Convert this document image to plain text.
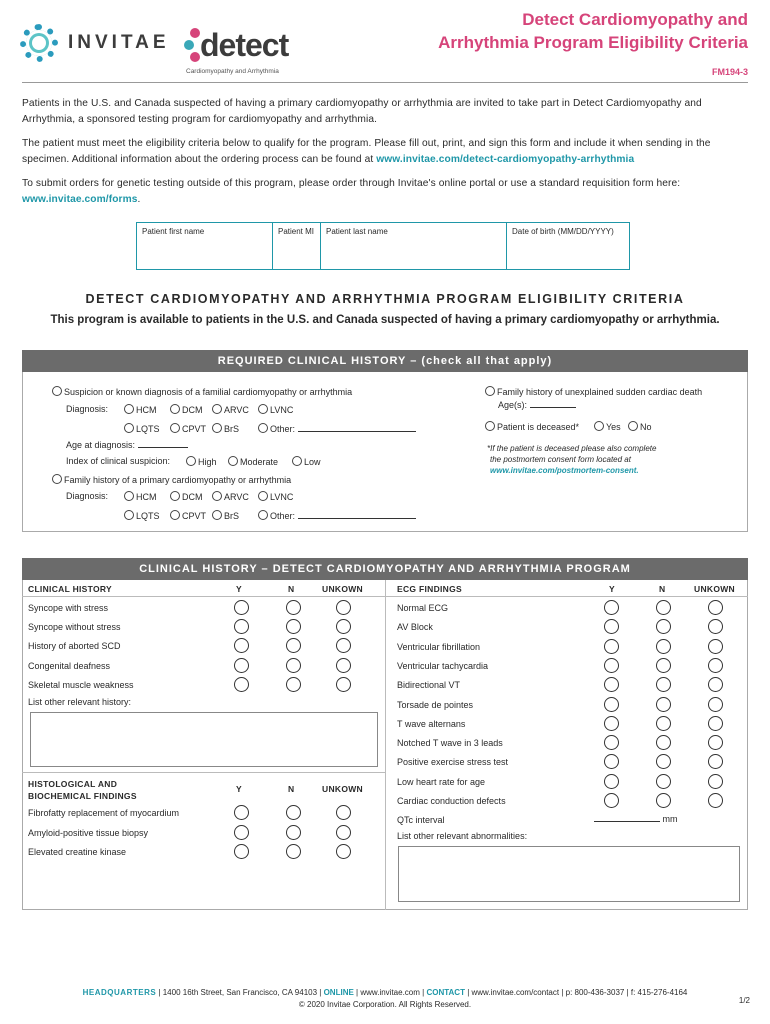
INVITAE detect
Cardiomyopathy and Arrhythmia
Detect Cardiomyopathy and
Arrhythmia Program Eligibility Criteria
FM194-3

Patients in the U.S. and Canada suspected of having a primary cardiomyopathy or arrhythmia are invited to take part in Detect Cardiomyopathy and Arrhythmia, a sponsored testing program for cardiomyopathy and arrhythmia.

The patient must meet the eligibility criteria below to qualify for the program. Please fill out, print, and sign this form and include it when sending in the specimen. Additional information about the ordering process can be found at www.invitae.com/detect-cardiomyopathy-arrhythmia

To submit orders for genetic testing outside of this program, please order through Invitae's online portal or use a standard requisition form here: www.invitae.com/forms.

Patient first name	Patient MI	Patient last name	Date of birth (MM/DD/YYYY)
DETECT CARDIOMYOPATHY AND ARRHYTHMIA PROGRAM ELIGIBILITY CRITERIA
This program is available to patients in the U.S. and Canada suspected of having a primary cardiomyopathy or arrhythmia.
REQUIRED CLINICAL HISTORY – (check all that apply)
Suspicion or known diagnosis of a familial cardiomyopathy or arrhythmia
Diagnosis:	HCM	DCM	ARVC	LVNC
LQTS	CPVT	BrS	Other:
Age at diagnosis:
Index of clinical suspicion:	High	Moderate	Low
Family history of a primary cardiomyopathy or arrhythmia
Diagnosis:	HCM	DCM	ARVC	LVNC
LQTS	CPVT	BrS	Other:
Family history of unexplained sudden cardiac death
Age(s):
Patient is deceased*	Yes	No
*If the patient is deceased please also complete
the postmortem consent form located at
www.invitae.com/postmortem-consent.
CLINICAL HISTORY – DETECT CARDIOMYOPATHY AND ARRHYTHMIA PROGRAM
CLINICAL HISTORY	Y	N	UNKOWN	ECG FINDINGS	Y	N	UNKOWN
Syncope with stress
Syncope without stress
History of aborted SCD
Congenital deafness
Skeletal muscle weakness
List other relevant history:
HISTOLOGICAL AND
BIOCHEMICAL FINDINGS
Y	N	UNKOWN
Fibrofatty replacement of myocardium
Amyloid-positive tissue biopsy
Elevated creatine kinase
Normal ECG
AV Block
Ventricular fibrillation
Ventricular tachycardia
Bidirectional VT
Torsade de pointes
T wave alternans
Notched T wave in 3 leads
Positive exercise stress test
Low heart rate for age
Cardiac conduction defects
QTc interval	mm
List other relevant abnormalities:
HEADQUARTERS | 1400 16th Street, San Francisco, CA 94103 | ONLINE | www.invitae.com | CONTACT | www.invitae.com/contact | p: 800-436-3037 | f: 415-276-4164
© 2020 Invitae Corporation. All Rights Reserved.	1/2
